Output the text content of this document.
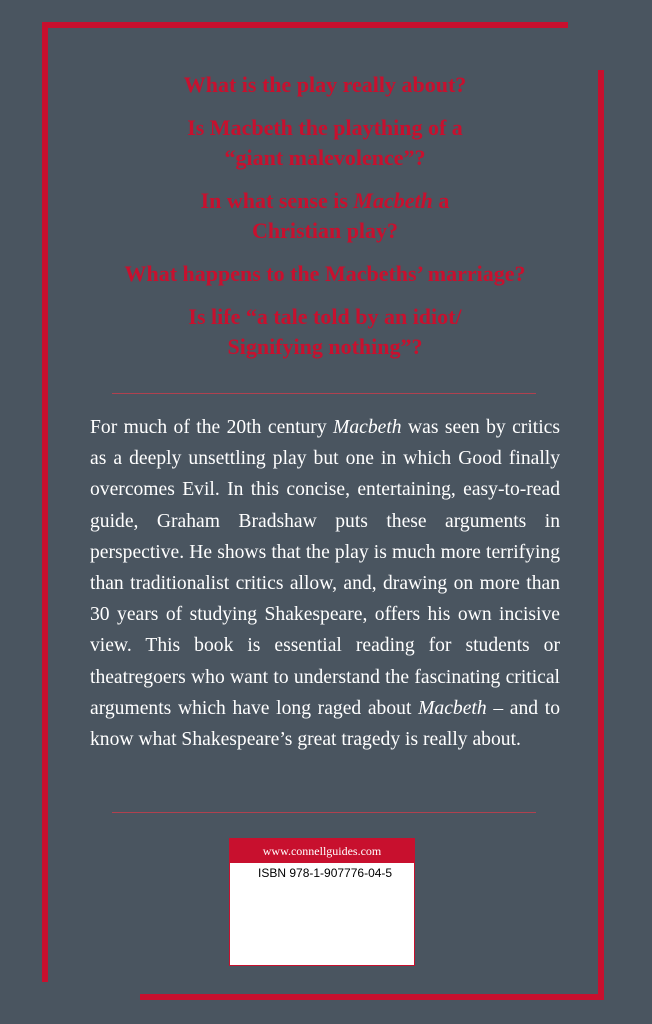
What is the play really about?
Is Macbeth the plaything of a
“giant malevolence”?
In what sense is Macbeth a
Christian play?
What happens to the Macbeths’ marriage?
Is life “a tale told by an idiot/
Signifying nothing”?

For much of the 20th century Macbeth was seen by critics as a deeply unsettling play but one in which Good finally overcomes Evil. In this concise, entertaining, easy-to-read guide, Graham Bradshaw puts these arguments in perspective. He shows that the play is much more terrifying than traditionalist critics allow, and, drawing on more than 30 years of studying Shakespeare, offers his own incisive view. This book is essential reading for students or theatregoers who want to understand the fascinating critical arguments which have long raged about Macbeth – and to know what Shakespeare’s great tragedy is really about.

www.connellguides.com
ISBN 978-1-907776-04-5
